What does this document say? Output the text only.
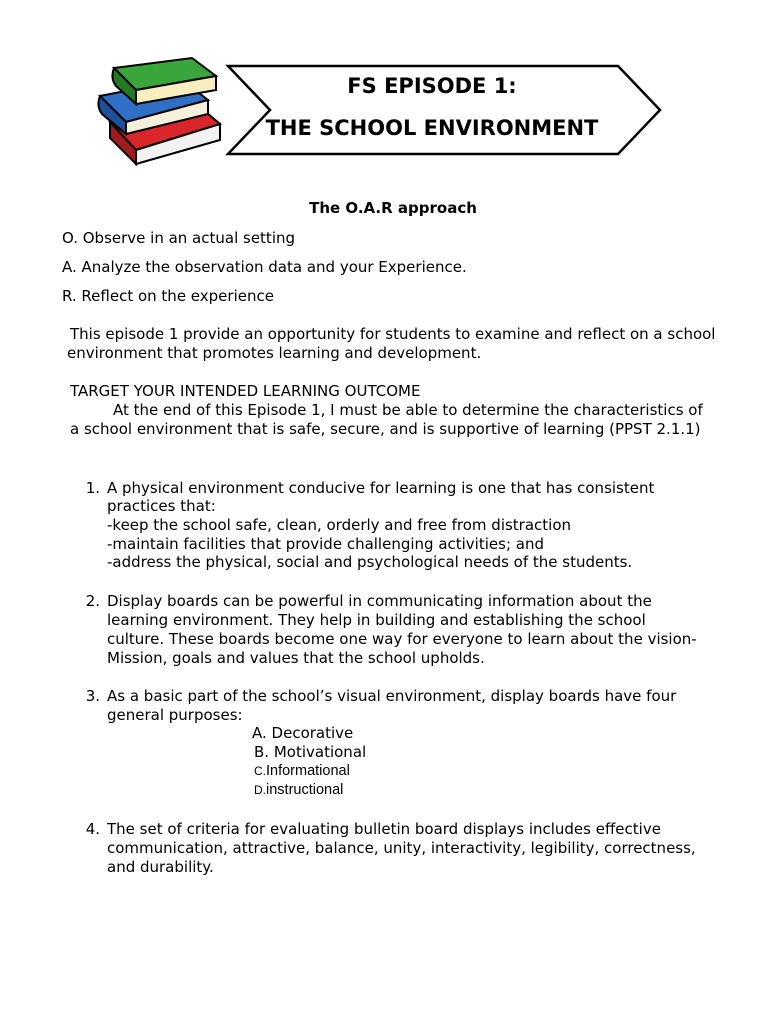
FS EPISODE 1:
THE SCHOOL ENVIRONMENT
The O.A.R approach
O. Observe in an actual setting
A. Analyze the observation data and your Experience.
R. Reflect on the experience
This episode 1 provide an opportunity for students to examine and reflect on a school
environment that promotes learning and development.
TARGET YOUR INTENDED LEARNING OUTCOME
At the end of this Episode 1, I must be able to determine the characteristics of
a school environment that is safe, secure, and is supportive of learning (PPST 2.1.1)
1. A physical environment conducive for learning is one that has consistent
practices that:
-keep the school safe, clean, orderly and free from distraction
-maintain facilities that provide challenging activities; and
-address the physical, social and psychological needs of the students.
2. Display boards can be powerful in communicating information about the
learning environment. They help in building and establishing the school
culture. These boards become one way for everyone to learn about the vision-
Mission, goals and values that the school upholds.
3. As a basic part of the school’s visual environment, display boards have four
general purposes:
A. Decorative
B. Motivational
C.Informational
D.instructional
4. The set of criteria for evaluating bulletin board displays includes effective
communication, attractive, balance, unity, interactivity, legibility, correctness,
and durability.
